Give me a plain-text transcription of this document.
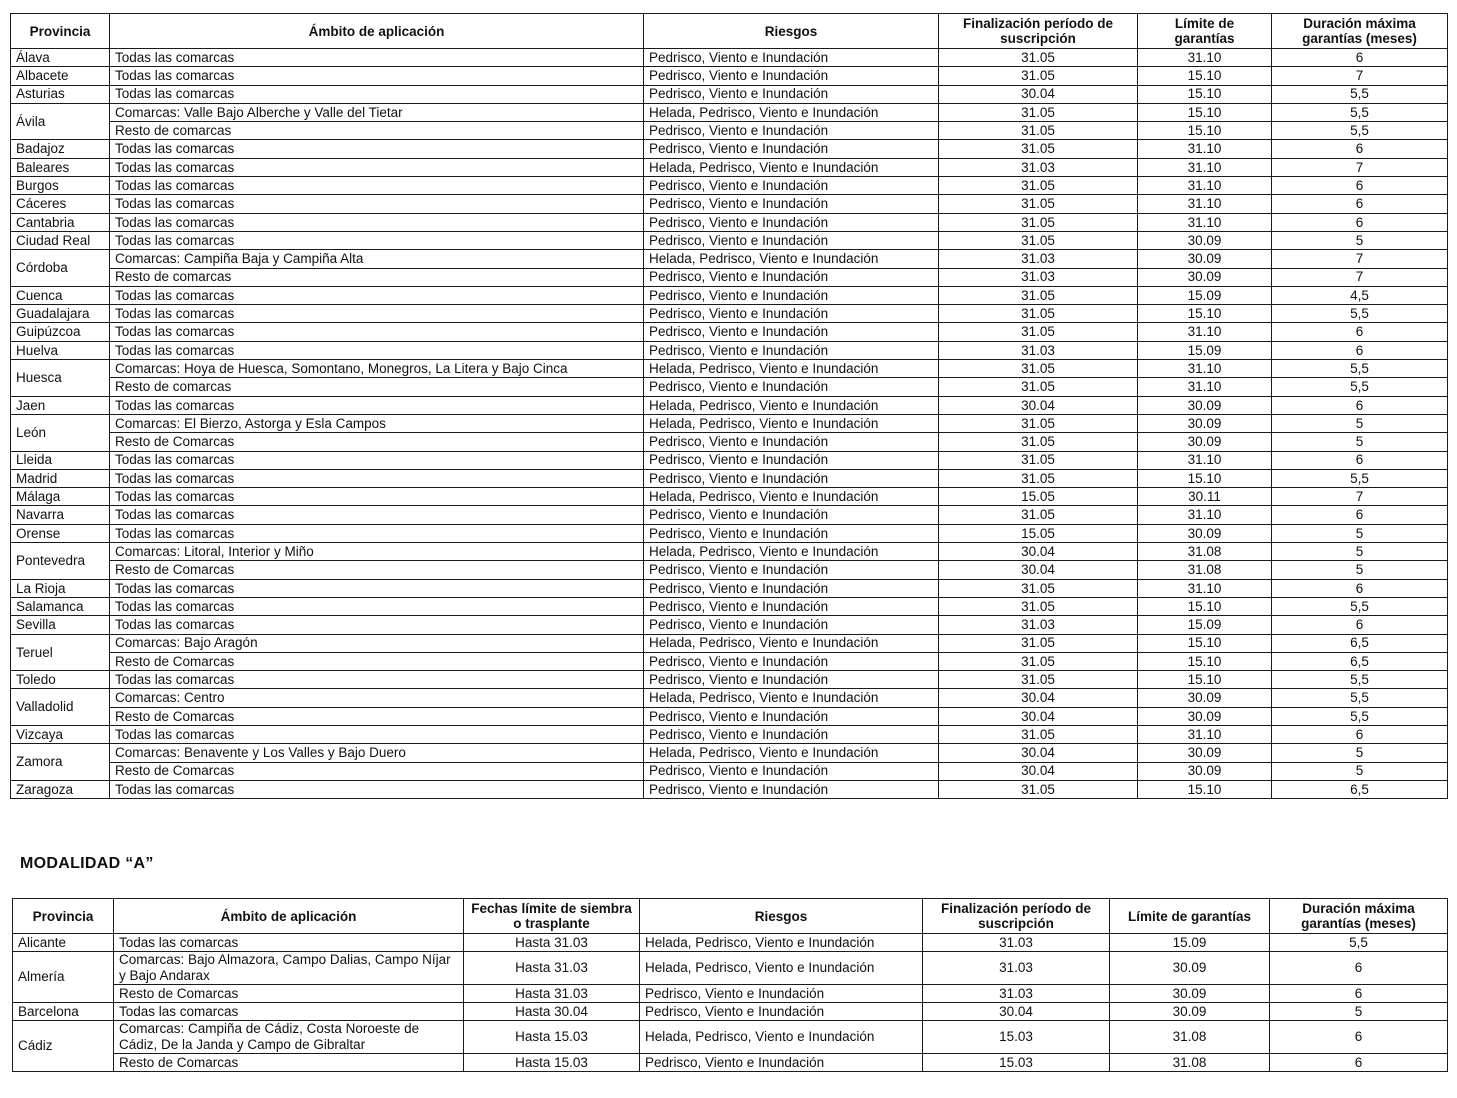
Provincia	Ámbito de aplicación	Riesgos	Finalización período de suscripción	Límite de garantías	Duración máxima garantías (meses)
Álava	Todas las comarcas	Pedrisco, Viento e Inundación	31.05	31.10	6
Albacete	Todas las comarcas	Pedrisco, Viento e Inundación	31.05	15.10	7
Asturias	Todas las comarcas	Pedrisco, Viento e Inundación	30.04	15.10	5,5
Ávila	Comarcas: Valle Bajo Alberche y Valle del Tietar	Helada, Pedrisco, Viento e Inundación	31.05	15.10	5,5
	Resto de comarcas	Pedrisco, Viento e Inundación	31.05	15.10	5,5
Badajoz	Todas las comarcas	Pedrisco, Viento e Inundación	31.05	31.10	6
Baleares	Todas las comarcas	Helada, Pedrisco, Viento e Inundación	31.03	31.10	7
Burgos	Todas las comarcas	Pedrisco, Viento e Inundación	31.05	31.10	6
Cáceres	Todas las comarcas	Pedrisco, Viento e Inundación	31.05	31.10	6
Cantabria	Todas las comarcas	Pedrisco, Viento e Inundación	31.05	31.10	6
Ciudad Real	Todas las comarcas	Pedrisco, Viento e Inundación	31.05	30.09	5
Córdoba	Comarcas: Campiña Baja y Campiña Alta	Helada, Pedrisco, Viento e Inundación	31.03	30.09	7
	Resto de comarcas	Pedrisco, Viento e Inundación	31.03	30.09	7
Cuenca	Todas las comarcas	Pedrisco, Viento e Inundación	31.05	15.09	4,5
Guadalajara	Todas las comarcas	Pedrisco, Viento e Inundación	31.05	15.10	5,5
Guipúzcoa	Todas las comarcas	Pedrisco, Viento e Inundación	31.05	31.10	6
Huelva	Todas las comarcas	Pedrisco, Viento e Inundación	31.03	15.09	6
Huesca	Comarcas: Hoya de Huesca, Somontano, Monegros, La Litera y Bajo Cinca	Helada, Pedrisco, Viento e Inundación	31.05	31.10	5,5
	Resto de comarcas	Pedrisco, Viento e Inundación	31.05	31.10	5,5
Jaen	Todas las comarcas	Helada, Pedrisco, Viento e Inundación	30.04	30.09	6
León	Comarcas: El Bierzo, Astorga y Esla Campos	Helada, Pedrisco, Viento e Inundación	31.05	30.09	5
	Resto de Comarcas	Pedrisco, Viento e Inundación	31.05	30.09	5
Lleida	Todas las comarcas	Pedrisco, Viento e Inundación	31.05	31.10	6
Madrid	Todas las comarcas	Pedrisco, Viento e Inundación	31.05	15.10	5,5
Málaga	Todas las comarcas	Helada, Pedrisco, Viento e Inundación	15.05	30.11	7
Navarra	Todas las comarcas	Pedrisco, Viento e Inundación	31.05	31.10	6
Orense	Todas las comarcas	Pedrisco, Viento e Inundación	15.05	30.09	5
Pontevedra	Comarcas: Litoral, Interior y Miño	Helada, Pedrisco, Viento e Inundación	30.04	31.08	5
	Resto de Comarcas	Pedrisco, Viento e Inundación	30.04	31.08	5
La Rioja	Todas las comarcas	Pedrisco, Viento e Inundación	31.05	31.10	6
Salamanca	Todas las comarcas	Pedrisco, Viento e Inundación	31.05	15.10	5,5
Sevilla	Todas las comarcas	Pedrisco, Viento e Inundación	31.03	15.09	6
Teruel	Comarcas: Bajo Aragón	Helada, Pedrisco, Viento e Inundación	31.05	15.10	6,5
	Resto de Comarcas	Pedrisco, Viento e Inundación	31.05	15.10	6,5
Toledo	Todas las comarcas	Pedrisco, Viento e Inundación	31.05	15.10	5,5
Valladolid	Comarcas: Centro	Helada, Pedrisco, Viento e Inundación	30.04	30.09	5,5
	Resto de Comarcas	Pedrisco, Viento e Inundación	30.04	30.09	5,5
Vizcaya	Todas las comarcas	Pedrisco, Viento e Inundación	31.05	31.10	6
Zamora	Comarcas: Benavente y Los Valles y Bajo Duero	Helada, Pedrisco, Viento e Inundación	30.04	30.09	5
	Resto de Comarcas	Pedrisco, Viento e Inundación	30.04	30.09	5
Zaragoza	Todas las comarcas	Pedrisco, Viento e Inundación	31.05	15.10	6,5
MODALIDAD “A”
Provincia	Ámbito de aplicación	Fechas límite de siembra o trasplante	Riesgos	Finalización período de suscripción	Límite de garantías	Duración máxima garantías (meses)
Alicante	Todas las comarcas	Hasta 31.03	Helada, Pedrisco, Viento e Inundación	31.03	15.09	5,5
Almería	Comarcas: Bajo Almazora, Campo Dalias, Campo Níjar y Bajo Andarax	Hasta 31.03	Helada, Pedrisco, Viento e Inundación	31.03	30.09	6
	Resto de Comarcas	Hasta 31.03	Pedrisco, Viento e Inundación	31.03	30.09	6
Barcelona	Todas las comarcas	Hasta 30.04	Pedrisco, Viento e Inundación	30.04	30.09	5
Cádiz	Comarcas: Campiña de Cádiz, Costa Noroeste de Cádiz, De la Janda y Campo de Gibraltar	Hasta 15.03	Helada, Pedrisco, Viento e Inundación	15.03	31.08	6
	Resto de Comarcas	Hasta 15.03	Pedrisco, Viento e Inundación	15.03	31.08	6
